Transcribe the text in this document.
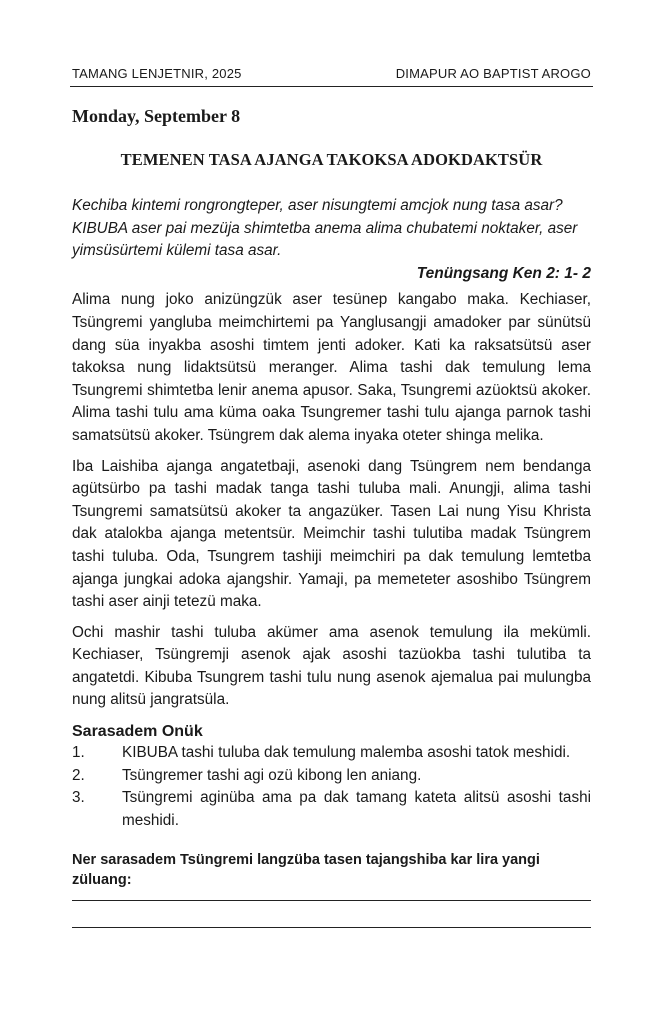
TAMANG LENJETNIR, 2025	DIMAPUR AO BAPTIST AROGO
Monday, September 8
TEMENEN TASA AJANGA TAKOKSA ADOKDAKTSÜR
Kechiba kintemi rongrongteper, aser nisungtemi amcjok nung tasa asar? KIBUBA aser pai mezüja shimtetba anema alima chubatemi noktaker, aser yimsüsürtemi külemi tasa asar.
Tenüngsang Ken 2: 1- 2

Alima nung joko anizüngzük aser tesünep kangabo maka. Kechiaser, Tsüngremi yangluba meimchirtemi pa Yanglusangji amadoker par sünütsü dang süa inyakba asoshi timtem jenti adoker. Kati ka raksatsütsü aser takoksa nung lidaktsütsü meranger. Alima tashi dak temulung lema Tsungremi shimtetba lenir anema apusor. Saka, Tsungremi azüoktsü akoker. Alima tashi tulu ama küma oaka Tsungremer tashi tulu ajanga parnok tashi samatsütsü akoker. Tsüngrem dak alema inyaka oteter shinga melika.

Iba Laishiba ajanga angatetbaji, asenoki dang Tsüngrem nem bendanga agütsürbo pa tashi madak tanga tashi tuluba mali. Anungji, alima tashi Tsungremi samatsütsü akoker ta angazüker. Tasen Lai nung Yisu Khrista dak atalokba ajanga metentsür. Meimchir tashi tulutiba madak Tsüngrem tashi tuluba. Oda, Tsungrem tashiji meimchiri pa dak temulung lemtetba ajanga jungkai adoka ajangshir. Yamaji, pa memeteter asoshibo Tsüngrem tashi aser ainji tetezü maka.

Ochi mashir tashi tuluba akümer ama asenok temulung ila mekümli. Kechiaser, Tsüngremji asenok ajak asoshi tazüokba tashi tulutiba ta angatetdi. Kibuba Tsungrem tashi tulu nung asenok ajemalua pai mulungba nung alitsü jangratsüla.

Sarasadem Onük
1.	KIBUBA tashi tuluba dak temulung malemba asoshi tatok meshidi.
2.	Tsüngremer tashi agi ozü kibong len aniang.
3.	Tsüngremi aginüba ama pa dak tamang kateta alitsü asoshi tashi meshidi.
Ner sarasadem Tsüngremi langzüba tasen tajangshiba kar lira yangi züluang:
